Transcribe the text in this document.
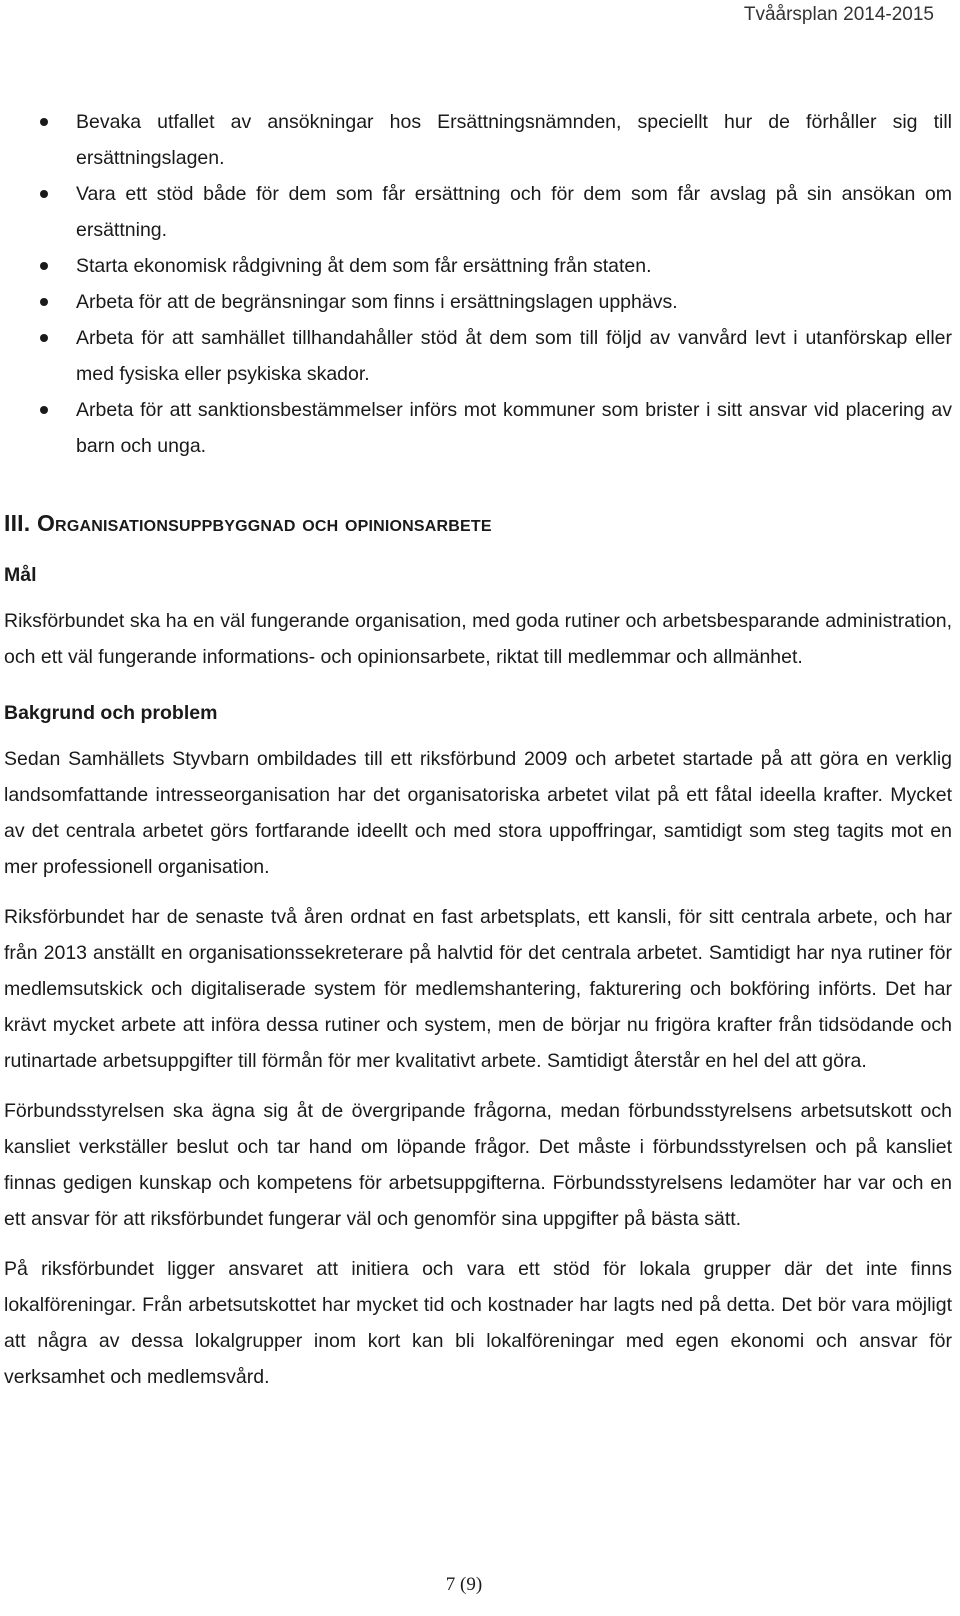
Tvåårsplan 2014-2015
Bevaka utfallet av ansökningar hos Ersättningsnämnden, speciellt hur de förhåller sig till ersättningslagen.
Vara ett stöd både för dem som får ersättning och för dem som får avslag på sin ansökan om ersättning.
Starta ekonomisk rådgivning åt dem som får ersättning från staten.
Arbeta för att de begränsningar som finns i ersättningslagen upphävs.
Arbeta för att samhället tillhandahåller stöd åt dem som till följd av vanvård levt i utanförskap eller med fysiska eller psykiska skador.
Arbeta för att sanktionsbestämmelser införs mot kommuner som brister i sitt ansvar vid placering av barn och unga.
III. Organisationsuppbyggnad och opinionsarbete
Mål

Riksförbundet ska ha en väl fungerande organisation, med goda rutiner och arbetsbesparande administration, och ett väl fungerande informations- och opinionsarbete, riktat till medlemmar och allmänhet.

Bakgrund och problem

Sedan Samhällets Styvbarn ombildades till ett riksförbund 2009 och arbetet startade på att göra en verklig landsomfattande intresseorganisation har det organisatoriska arbetet vilat på ett fåtal ideella krafter. Mycket av det centrala arbetet görs fortfarande ideellt och med stora uppoffringar, samtidigt som steg tagits mot en mer professionell organisation.

Riksförbundet har de senaste två åren ordnat en fast arbetsplats, ett kansli, för sitt centrala arbete, och har från 2013 anställt en organisationssekreterare på halvtid för det centrala arbetet. Samtidigt har nya rutiner för medlemsutskick och digitaliserade system för medlemshantering, fakturering och bokföring införts. Det har krävt mycket arbete att införa dessa rutiner och system, men de börjar nu frigöra krafter från tidsödande och rutinartade arbetsuppgifter till förmån för mer kvalitativt arbete. Samtidigt återstår en hel del att göra.

Förbundsstyrelsen ska ägna sig åt de övergripande frågorna, medan förbundsstyrelsens arbetsutskott och kansliet verkställer beslut och tar hand om löpande frågor. Det måste i förbundsstyrelsen och på kansliet finnas gedigen kunskap och kompetens för arbetsuppgifterna. Förbundsstyrelsens ledamöter har var och en ett ansvar för att riksförbundet fungerar väl och genomför sina uppgifter på bästa sätt.

På riksförbundet ligger ansvaret att initiera och vara ett stöd för lokala grupper där det inte finns lokalföreningar. Från arbetsutskottet har mycket tid och kostnader har lagts ned på detta. Det bör vara möjligt att några av dessa lokalgrupper inom kort kan bli lokalföreningar med egen ekonomi och ansvar för verksamhet och medlemsvård.

7 (9)
